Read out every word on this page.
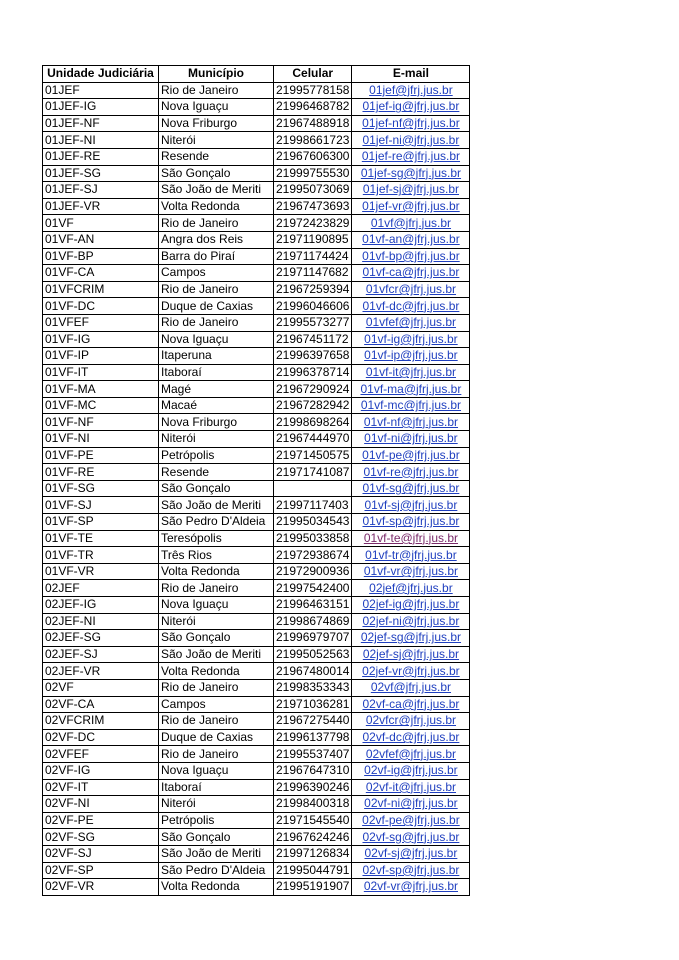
Unidade Judiciária	Município	Celular	E-mail
01JEF	Rio de Janeiro	21995778158	01jef@jfrj.jus.br
01JEF-IG	Nova Iguaçu	21996468782	01jef-ig@jfrj.jus.br
01JEF-NF	Nova Friburgo	21967488918	01jef-nf@jfrj.jus.br
01JEF-NI	Niterói	21998661723	01jef-ni@jfrj.jus.br
01JEF-RE	Resende	21967606300	01jef-re@jfrj.jus.br
01JEF-SG	São Gonçalo	21999755530	01jef-sg@jfrj.jus.br
01JEF-SJ	São João de Meriti	21995073069	01jef-sj@jfrj.jus.br
01JEF-VR	Volta Redonda	21967473693	01jef-vr@jfrj.jus.br
01VF	Rio de Janeiro	21972423829	01vf@jfrj.jus.br
01VF-AN	Angra dos Reis	21971190895	01vf-an@jfrj.jus.br
01VF-BP	Barra do Piraí	21971174424	01vf-bp@jfrj.jus.br
01VF-CA	Campos	21971147682	01vf-ca@jfrj.jus.br
01VFCRIM	Rio de Janeiro	21967259394	01vfcr@jfrj.jus.br
01VF-DC	Duque de Caxias	21996046606	01vf-dc@jfrj.jus.br
01VFEF	Rio de Janeiro	21995573277	01vfef@jfrj.jus.br
01VF-IG	Nova Iguaçu	21967451172	01vf-ig@jfrj.jus.br
01VF-IP	Itaperuna	21996397658	01vf-ip@jfrj.jus.br
01VF-IT	Itaboraí	21996378714	01vf-it@jfrj.jus.br
01VF-MA	Magé	21967290924	01vf-ma@jfrj.jus.br
01VF-MC	Macaé	21967282942	01vf-mc@jfrj.jus.br
01VF-NF	Nova Friburgo	21998698264	01vf-nf@jfrj.jus.br
01VF-NI	Niterói	21967444970	01vf-ni@jfrj.jus.br
01VF-PE	Petrópolis	21971450575	01vf-pe@jfrj.jus.br
01VF-RE	Resende	21971741087	01vf-re@jfrj.jus.br
01VF-SG	São Gonçalo		01vf-sg@jfrj.jus.br
01VF-SJ	São João de Meriti	21997117403	01vf-sj@jfrj.jus.br
01VF-SP	São Pedro D'Aldeia	21995034543	01vf-sp@jfrj.jus.br
01VF-TE	Teresópolis	21995033858	01vf-te@jfrj.jus.br
01VF-TR	Três Rios	21972938674	01vf-tr@jfrj.jus.br
01VF-VR	Volta Redonda	21972900936	01vf-vr@jfrj.jus.br
02JEF	Rio de Janeiro	21997542400	02jef@jfrj.jus.br
02JEF-IG	Nova Iguaçu	21996463151	02jef-ig@jfrj.jus.br
02JEF-NI	Niterói	21998674869	02jef-ni@jfrj.jus.br
02JEF-SG	São Gonçalo	21996979707	02jef-sg@jfrj.jus.br
02JEF-SJ	São João de Meriti	21995052563	02jef-sj@jfrj.jus.br
02JEF-VR	Volta Redonda	21967480014	02jef-vr@jfrj.jus.br
02VF	Rio de Janeiro	21998353343	02vf@jfrj.jus.br
02VF-CA	Campos	21971036281	02vf-ca@jfrj.jus.br
02VFCRIM	Rio de Janeiro	21967275440	02vfcr@jfrj.jus.br
02VF-DC	Duque de Caxias	21996137798	02vf-dc@jfrj.jus.br
02VFEF	Rio de Janeiro	21995537407	02vfef@jfrj.jus.br
02VF-IG	Nova Iguaçu	21967647310	02vf-ig@jfrj.jus.br
02VF-IT	Itaboraí	21996390246	02vf-it@jfrj.jus.br
02VF-NI	Niterói	21998400318	02vf-ni@jfrj.jus.br
02VF-PE	Petrópolis	21971545540	02vf-pe@jfrj.jus.br
02VF-SG	São Gonçalo	21967624246	02vf-sg@jfrj.jus.br
02VF-SJ	São João de Meriti	21997126834	02vf-sj@jfrj.jus.br
02VF-SP	São Pedro D'Aldeia	21995044791	02vf-sp@jfrj.jus.br
02VF-VR	Volta Redonda	21995191907	02vf-vr@jfrj.jus.br
